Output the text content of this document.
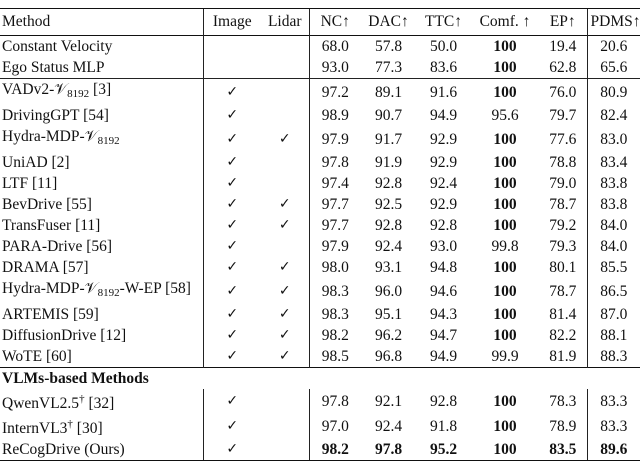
Method	Image	Lidar	NC↑	DAC↑	TTC↑	Comf. ↑	EP↑	PDMS↑
Constant Velocity			68.0	57.8	50.0	100	19.4	20.6
Ego Status MLP			93.0	77.3	83.6	100	62.8	65.6
VADv2-𝒱$_{8192}$ [3]	✓		97.2	89.1	91.6	100	76.0	80.9
DrivingGPT [54]	✓		98.9	90.7	94.9	95.6	79.7	82.4
Hydra-MDP-𝒱$_{8192}$	✓	✓	97.9	91.7	92.9	100	77.6	83.0
UniAD [2]	✓		97.8	91.9	92.9	100	78.8	83.4
LTF [11]	✓		97.4	92.8	92.4	100	79.0	83.8
BevDrive [55]	✓	✓	97.7	92.5	92.9	100	78.7	83.8
TransFuser [11]	✓	✓	97.7	92.8	92.8	100	79.2	84.0
PARA-Drive [56]	✓		97.9	92.4	93.0	99.8	79.3	84.0
DRAMA [57]	✓	✓	98.0	93.1	94.8	100	80.1	85.5
Hydra-MDP-𝒱$_{8192}$-W-EP [58]	✓	✓	98.3	96.0	94.6	100	78.7	86.5
ARTEMIS [59]	✓	✓	98.3	95.1	94.3	100	81.4	87.0
DiffusionDrive [12]	✓	✓	98.2	96.2	94.7	100	82.2	88.1
WoTE [60]	✓	✓	98.5	96.8	94.9	99.9	81.9	88.3
VLMs-based Methods								
QwenVL2.5† [32]	✓		97.8	92.1	92.8	100	78.3	83.3
InternVL3† [30]	✓		97.0	92.4	91.8	100	78.9	83.3
ReCogDrive (Ours)	✓		98.2	97.8	95.2	100	83.5	89.6
